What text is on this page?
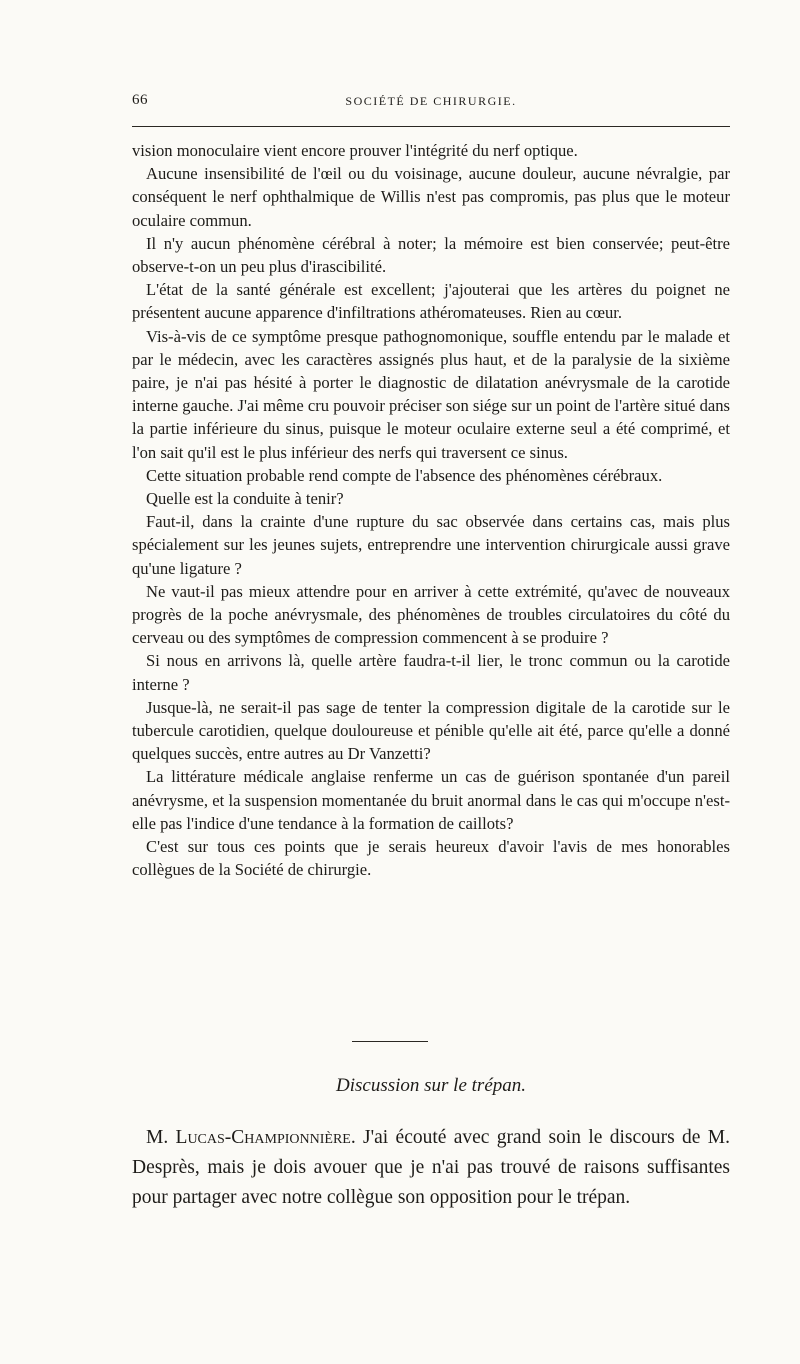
66	SOCIÉTÉ DE CHIRURGIE.

vision monoculaire vient encore prouver l'intégrité du nerf optique.

Aucune insensibilité de l'œil ou du voisinage, aucune douleur, aucune névralgie, par conséquent le nerf ophthalmique de Willis n'est pas compromis, pas plus que le moteur oculaire commun.

Il n'y aucun phénomène cérébral à noter; la mémoire est bien conservée; peut-être observe-t-on un peu plus d'irascibilité.

L'état de la santé générale est excellent; j'ajouterai que les artères du poignet ne présentent aucune apparence d'infiltrations athéromateuses. Rien au cœur.

Vis-à-vis de ce symptôme presque pathognomonique, souffle entendu par le malade et par le médecin, avec les caractères assignés plus haut, et de la paralysie de la sixième paire, je n'ai pas hésité à porter le diagnostic de dilatation anévrysmale de la carotide interne gauche. J'ai même cru pouvoir préciser son siége sur un point de l'artère situé dans la partie inférieure du sinus, puisque le moteur oculaire externe seul a été comprimé, et l'on sait qu'il est le plus inférieur des nerfs qui traversent ce sinus.

Cette situation probable rend compte de l'absence des phénomènes cérébraux.

Quelle est la conduite à tenir?

Faut-il, dans la crainte d'une rupture du sac observée dans certains cas, mais plus spécialement sur les jeunes sujets, entreprendre une intervention chirurgicale aussi grave qu'une ligature ?

Ne vaut-il pas mieux attendre pour en arriver à cette extrémité, qu'avec de nouveaux progrès de la poche anévrysmale, des phénomènes de troubles circulatoires du côté du cerveau ou des symptômes de compression commencent à se produire ?

Si nous en arrivons là, quelle artère faudra-t-il lier, le tronc commun ou la carotide interne ?

Jusque-là, ne serait-il pas sage de tenter la compression digitale de la carotide sur le tubercule carotidien, quelque douloureuse et pénible qu'elle ait été, parce qu'elle a donné quelques succès, entre autres au Dr Vanzetti?

La littérature médicale anglaise renferme un cas de guérison spontanée d'un pareil anévrysme, et la suspension momentanée du bruit anormal dans le cas qui m'occupe n'est-elle pas l'indice d'une tendance à la formation de caillots?

C'est sur tous ces points que je serais heureux d'avoir l'avis de mes honorables collègues de la Société de chirurgie.

Discussion sur le trépan.

M. Lucas-Championnière. J'ai écouté avec grand soin le discours de M. Desprès, mais je dois avouer que je n'ai pas trouvé de raisons suffisantes pour partager avec notre collègue son opposition pour le trépan.
